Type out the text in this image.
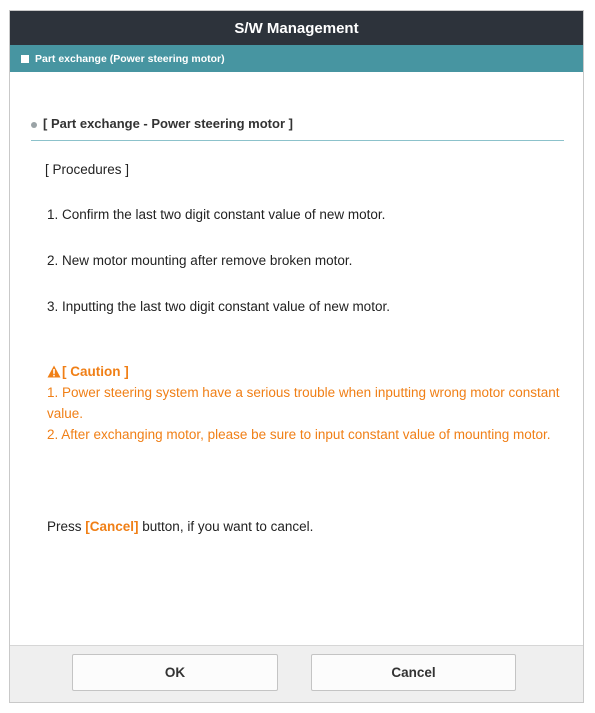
S/W Management
Part exchange (Power steering motor)
[ Part exchange - Power steering motor ]
[ Procedures ]
1. Confirm the last two digit constant value of new motor.
2. New motor mounting after remove broken motor.
3. Inputting the last two digit constant value of new motor.
[ Caution ]
1. Power steering system have a serious trouble when inputting wrong motor constant value.
2. After exchanging motor, please be sure to input constant value of mounting motor.
Press [Cancel] button, if you want to cancel.
OK	Cancel
